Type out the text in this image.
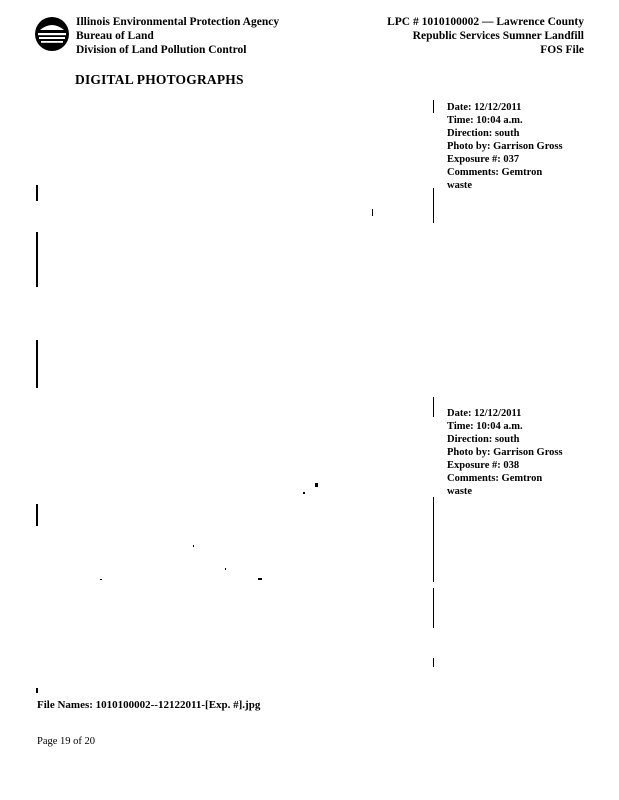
Illinois Environmental Protection Agency
Bureau of Land
Division of Land Pollution Control
LPC # 1010100002 — Lawrence County
Republic Services Sumner Landfill
FOS File
DIGITAL PHOTOGRAPHS
Date: 12/12/2011
Time: 10:04 a.m.
Direction: south
Photo by: Garrison Gross
Exposure #: 037
Comments: Gemtron
waste
Date: 12/12/2011
Time: 10:04 a.m.
Direction: south
Photo by: Garrison Gross
Exposure #: 038
Comments: Gemtron
waste
File Names: 1010100002--12122011-[Exp. #].jpg
Page 19 of 20
